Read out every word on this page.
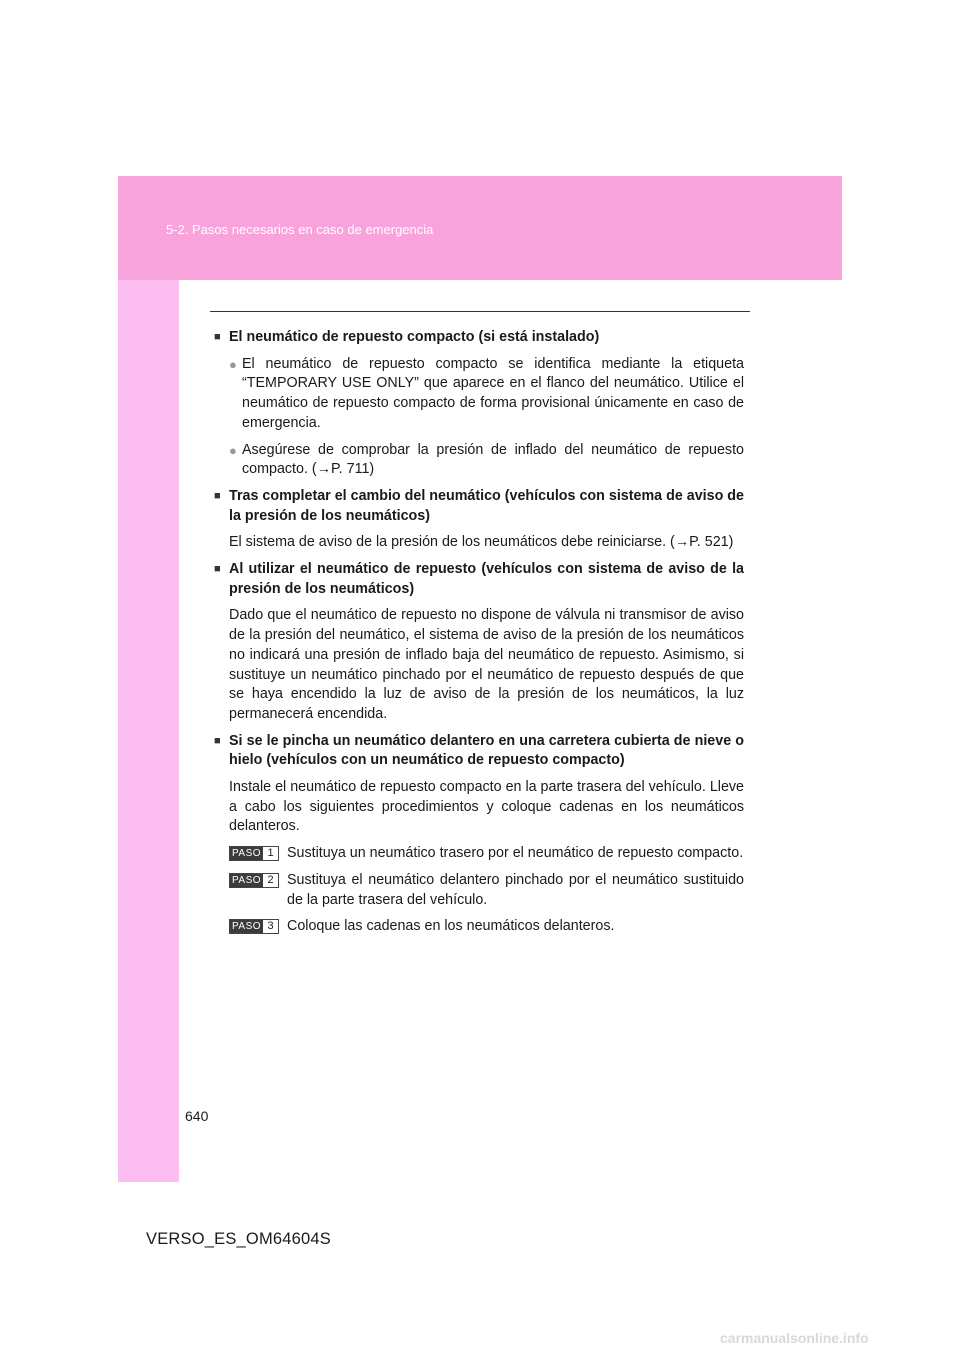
5-2. Pasos necesarios en caso de emergencia
■ El neumático de repuesto compacto (si está instalado)
● El neumático de repuesto compacto se identifica mediante la etiqueta “TEMPORARY USE ONLY” que aparece en el flanco del neumático. Utilice el neumático de repuesto compacto de forma provisional únicamente en caso de emergencia.
● Asegúrese de comprobar la presión de inflado del neumático de repuesto compacto. (→P. 711)
■ Tras completar el cambio del neumático (vehículos con sistema de aviso de la presión de los neumáticos)
El sistema de aviso de la presión de los neumáticos debe reiniciarse. (→P. 521)
■ Al utilizar el neumático de repuesto (vehículos con sistema de aviso de la presión de los neumáticos)
Dado que el neumático de repuesto no dispone de válvula ni transmisor de aviso de la presión del neumático, el sistema de aviso de la presión de los neumáticos no indicará una presión de inflado baja del neumático de repuesto. Asimismo, si sustituye un neumático pinchado por el neumático de repuesto después de que se haya encendido la luz de aviso de la presión de los neumáticos, la luz permanecerá encendida.
■ Si se le pincha un neumático delantero en una carretera cubierta de nieve o hielo (vehículos con un neumático de repuesto compacto)
Instale el neumático de repuesto compacto en la parte trasera del vehículo. Lleve a cabo los siguientes procedimientos y coloque cadenas en los neumáticos delanteros.
PASO 1 Sustituya un neumático trasero por el neumático de repuesto compacto.
PASO 2 Sustituya el neumático delantero pinchado por el neumático sustituido de la parte trasera del vehículo.
PASO 3 Coloque las cadenas en los neumáticos delanteros.
640
VERSO_ES_OM64604S
carmanualsonline.info
